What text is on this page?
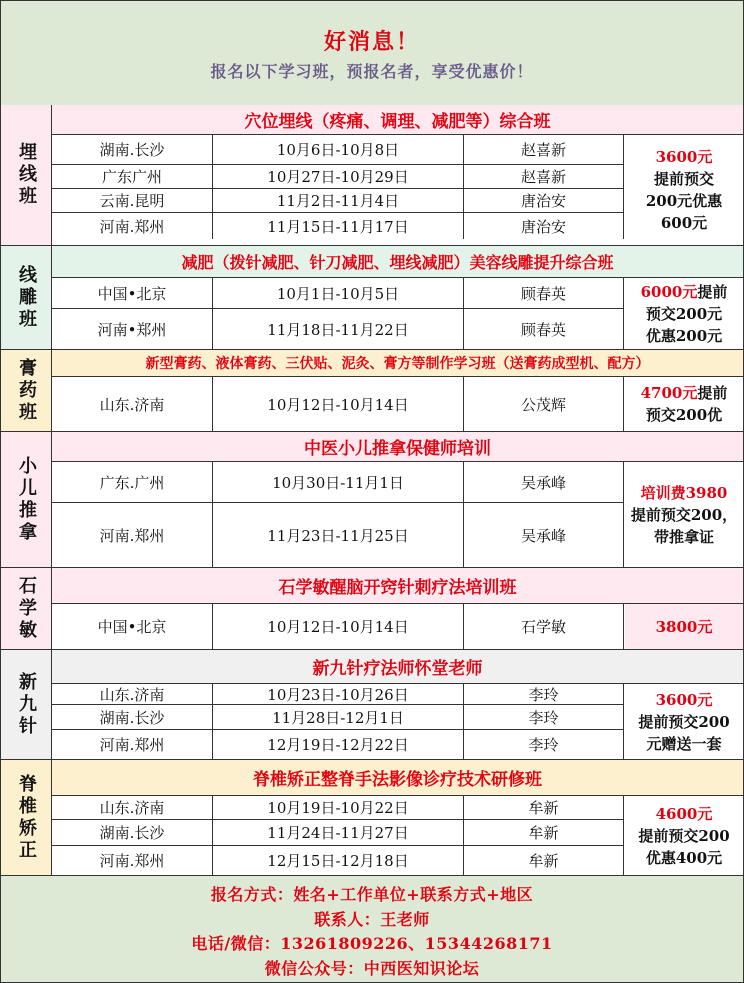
好消息！
报名以下学习班，预报名者，享受优惠价！
埋线班
穴位埋线（疼痛、调理、减肥等）综合班
湖南.长沙	10月6日-10月8日	赵喜新
广东广州	10月27日-10月29日	赵喜新
云南.昆明	11月2日-11月4日	唐治安
河南.郑州	11月15日-11月17日	唐治安
3600元
提前预交
200元优惠
600元
线雕班
减肥（拨针减肥、针刀减肥、埋线减肥）美容线雕提升综合班
中国•北京	10月1日-10月5日	顾春英
河南•郑州	11月18日-11月22日	顾春英
6000元提前
预交200元
优惠200元
膏药班	新型膏药、液体膏药、三伏贴、泥灸、膏方等制作学习班（送膏药成型机、配方）
山东.济南	10月12日-10月14日	公茂辉
4700元提前
预交200优
小儿推拿
中医小儿推拿保健师培训
广东.广州	10月30日-11月1日	吴承峰
河南.郑州	11月23日-11月25日	吴承峰
培训费3980
提前预交200，
带推拿证
石学敏	石学敏醒脑开窍针刺疗法培训班
中国•北京	10月12日-10月14日	石学敏	3800元
新九针
新九针疗法师怀堂老师
山东.济南	10月23日-10月26日	李玲
湖南.长沙	11月28日-12月1日	李玲
河南.郑州	12月19日-12月22日	李玲
3600元
提前预交200
元赠送一套
脊椎矫正	脊椎矫正整脊手法影像诊疗技术研修班
山东.济南	10月19日-10月22日	牟新
湖南.长沙	11月24日-11月27日	牟新
河南.郑州	12月15日-12月18日	牟新
4600元
提前预交200
优惠400元
报名方式：姓名+工作单位+联系方式+地区
联系人：王老师
电话/微信：13261809226、15344268171
微信公众号：中西医知识论坛
